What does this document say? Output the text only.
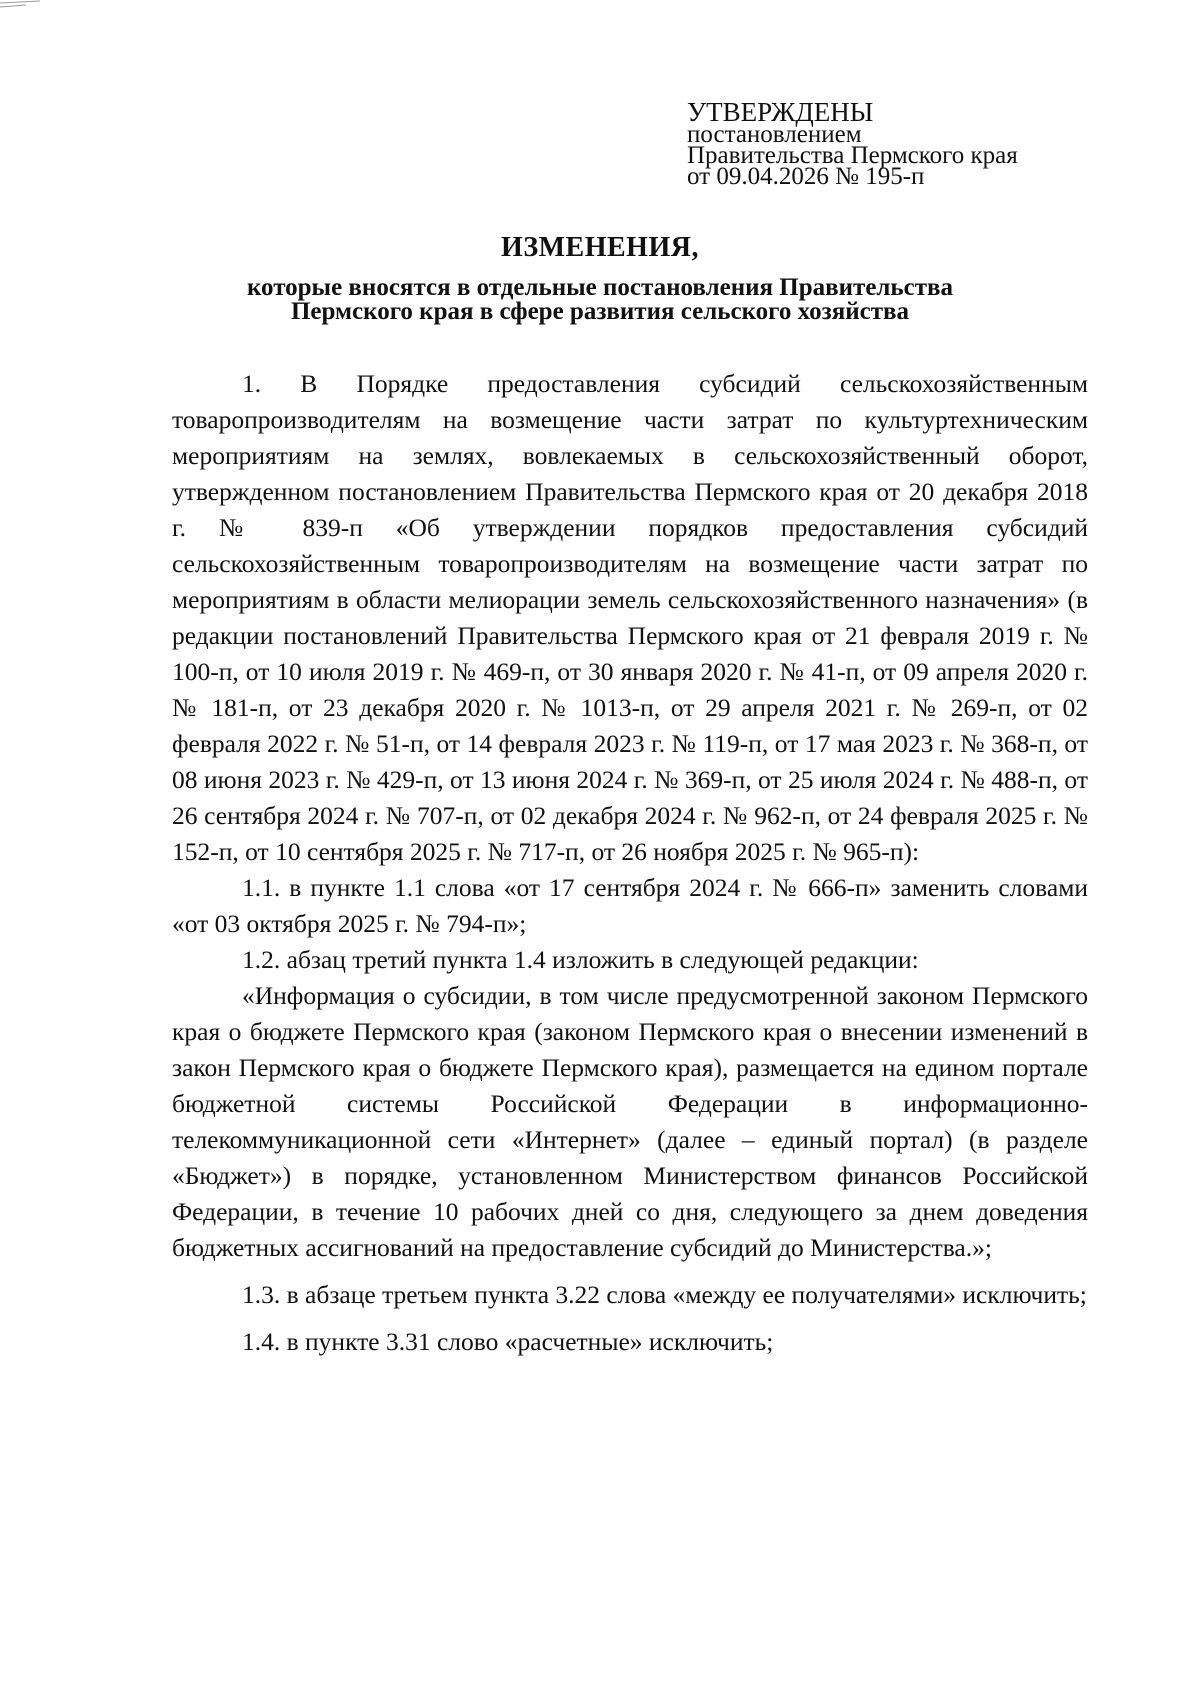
УТВЕРЖДЕНЫ
постановлением
Правительства Пермского края
от 09.04.2026 № 195-п
ИЗМЕНЕНИЯ,
которые вносятся в отдельные постановления Правительства
Пермского края в сфере развития сельского хозяйства

1. В Порядке предоставления субсидий сельскохозяйственным товаропроизводителям на возмещение части затрат по культуртехническим мероприятиям на землях, вовлекаемых в сельскохозяйственный оборот, утвержденном постановлением Правительства Пермского края от 20 декабря 2018 г. № 839-п «Об утверждении порядков предоставления субсидий сельскохозяйственным товаропроизводителям на возмещение части затрат по мероприятиям в области мелиорации земель сельскохозяйственного назначения» (в редакции постановлений Правительства Пермского края от 21 февраля 2019 г. № 100-п, от 10 июля 2019 г. № 469-п, от 30 января 2020 г. № 41-п, от 09 апреля 2020 г. № 181-п, от 23 декабря 2020 г. № 1013-п, от 29 апреля 2021 г. № 269-п, от 02 февраля 2022 г. № 51-п, от 14 февраля 2023 г. № 119-п, от 17 мая 2023 г. № 368-п, от 08 июня 2023 г. № 429-п, от 13 июня 2024 г. № 369-п, от 25 июля 2024 г. № 488-п, от 26 сентября 2024 г. № 707-п, от 02 декабря 2024 г. № 962-п, от 24 февраля 2025 г. № 152-п, от 10 сентября 2025 г. № 717-п, от 26 ноября 2025 г. № 965-п):

1.1. в пункте 1.1 слова «от 17 сентября 2024 г. № 666-п» заменить словами «от 03 октября 2025 г. № 794-п»;

1.2. абзац третий пункта 1.4 изложить в следующей редакции:

«Информация о субсидии, в том числе предусмотренной законом Пермского края о бюджете Пермского края (законом Пермского края о внесении изменений в закон Пермского края о бюджете Пермского края), размещается на едином портале бюджетной системы Российской Федерации в информационно-телекоммуникационной сети «Интернет» (далее – единый портал) (в разделе «Бюджет») в порядке, установленном Министерством финансов Российской Федерации, в течение 10 рабочих дней со дня, следующего за днем доведения бюджетных ассигнований на предоставление субсидий до Министерства.»;

1.3. в абзаце третьем пункта 3.22 слова «между ее получателями» исключить;

1.4. в пункте 3.31 слово «расчетные» исключить;
